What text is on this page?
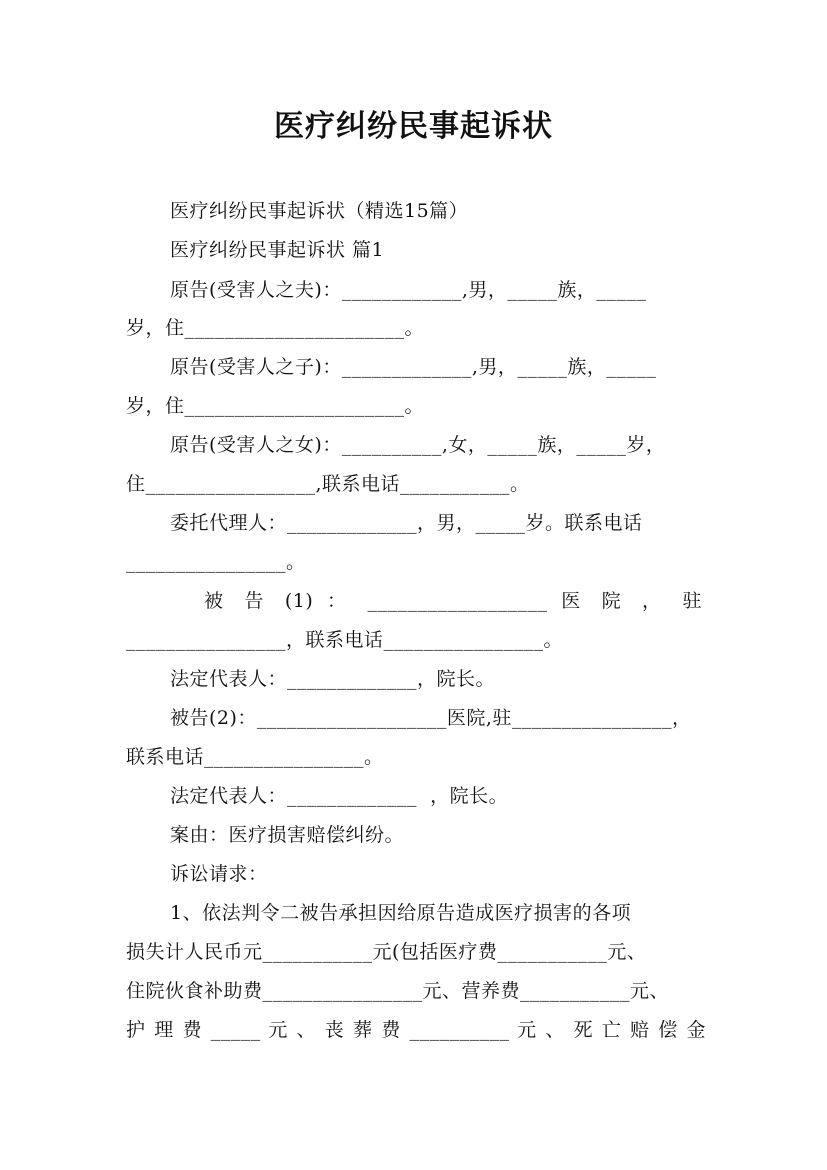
医疗纠纷民事起诉状
医疗纠纷民事起诉状（精选15篇）
医疗纠纷民事起诉状 篇1
原告(受害人之夫)：____________,男，_____族，_____
岁，住______________________。
原告(受害人之子)：_____________,男，_____族，_____
岁，住______________________。
原告(受害人之女)：__________,女，_____族，_____岁，
住_________________,联系电话___________。
委托代理人：_____________，男，_____岁。联系电话
________________。
被 告 (1) ： __________________ 医 院 ， 驻
________________，联系电话________________。
法定代表人：_____________，院长。
被告(2)：___________________医院,驻________________，
联系电话________________。
法定代表人：_____________  ，院长。
案由：医疗损害赔偿纠纷。
诉讼请求：
1、依法判令二被告承担因给原告造成医疗损害的各项
损失计人民币元___________元(包括医疗费___________元、
住院伙食补助费________________元、营养费___________元、
护 理 费 _____ 元 、 丧 葬 费 __________ 元 、 死 亡 赔 偿 金
